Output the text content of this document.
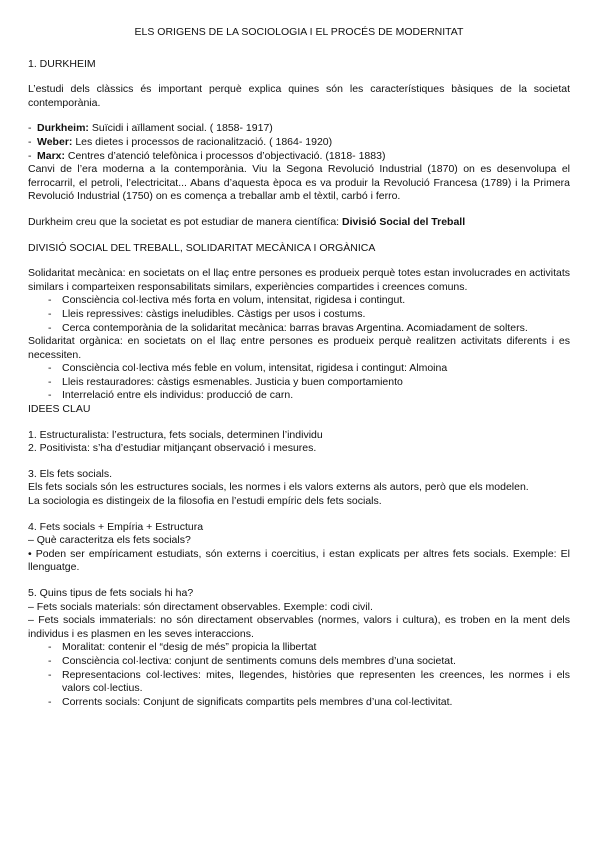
ELS ORIGENS DE LA SOCIOLOGIA I EL PROCÉS DE MODERNITAT
1. DURKHEIM

L’estudi dels clàssics és important perquè explica quines són les característiques bàsiques de la societat contemporània.

- Durkheim: Suïcidi i aïllament social. ( 1858- 1917)
- Weber: Les dietes i processos de racionalització. ( 1864- 1920)
- Marx: Centres d’atenció telefònica i processos d’objectivació. (1818- 1883)

Canvi de l’era moderna a la contemporània. Viu la Segona Revolució Industrial (1870) on es desenvolupa el ferrocarril, el petroli, l’electricitat... Abans d’aquesta època es va produir la Revolució Francesa (1789) i la Primera Revolució Industrial (1750) on es comença a treballar amb el tèxtil, carbó i ferro.

Durkheim creu que la societat es pot estudiar de manera científica: Divisió Social del Treball

DIVISIÓ SOCIAL DEL TREBALL, SOLIDARITAT MECÀNICA I ORGÀNICA

Solidaritat mecànica: en societats on el llaç entre persones es produeix perquè totes estan involucrades en activitats similars i comparteixen responsabilitats similars, experiències compartides i creences comuns.

- Consciència col·lectiva més forta en volum, intensitat, rigidesa i contingut.
- Lleis repressives: càstigs ineludibles. Càstigs per usos i costums.
- Cerca contemporània de la solidaritat mecànica: barras bravas Argentina. Acomiadament de solters.

Solidaritat orgànica: en societats on el llaç entre persones es produeix perquè realitzen activitats diferents i es necessiten.

- Consciència col·lectiva més feble en volum, intensitat, rigidesa i contingut: Almoina
- Lleis restauradores: càstigs esmenables. Justicia y buen comportamiento
- Interrelació entre els individus: producció de carn.
IDEES CLAU

1. Estructuralista: l’estructura, fets socials, determinen l’individu

2. Positivista: s’ha d’estudiar mitjançant observació i mesures.

3. Els fets socials.

Els fets socials són les estructures socials, les normes i els valors externs als autors, però que els modelen.

La sociologia es distingeix de la filosofia en l’estudi empíric dels fets socials.

4. Fets socials + Empíria + Estructura

– Què caracteritza els fets socials?

• Poden ser empíricament estudiats, són externs i coercitius, i estan explicats per altres fets socials. Exemple: El llenguatge.

5. Quins tipus de fets socials hi ha?

– Fets socials materials: són directament observables. Exemple: codi civil.

– Fets socials immaterials: no són directament observables (normes, valors i cultura), es troben en la ment dels individus i es plasmen en les seves interaccions.

- Moralitat: contenir el “desig de més” propicia la llibertat
- Consciència col·lectiva: conjunt de sentiments comuns dels membres d’una societat.
- Representacions col·lectives: mites, llegendes, històries que representen les creences, les normes i els valors col·lectius.
- Corrents socials: Conjunt de significats compartits pels membres d’una col·lectivitat.
